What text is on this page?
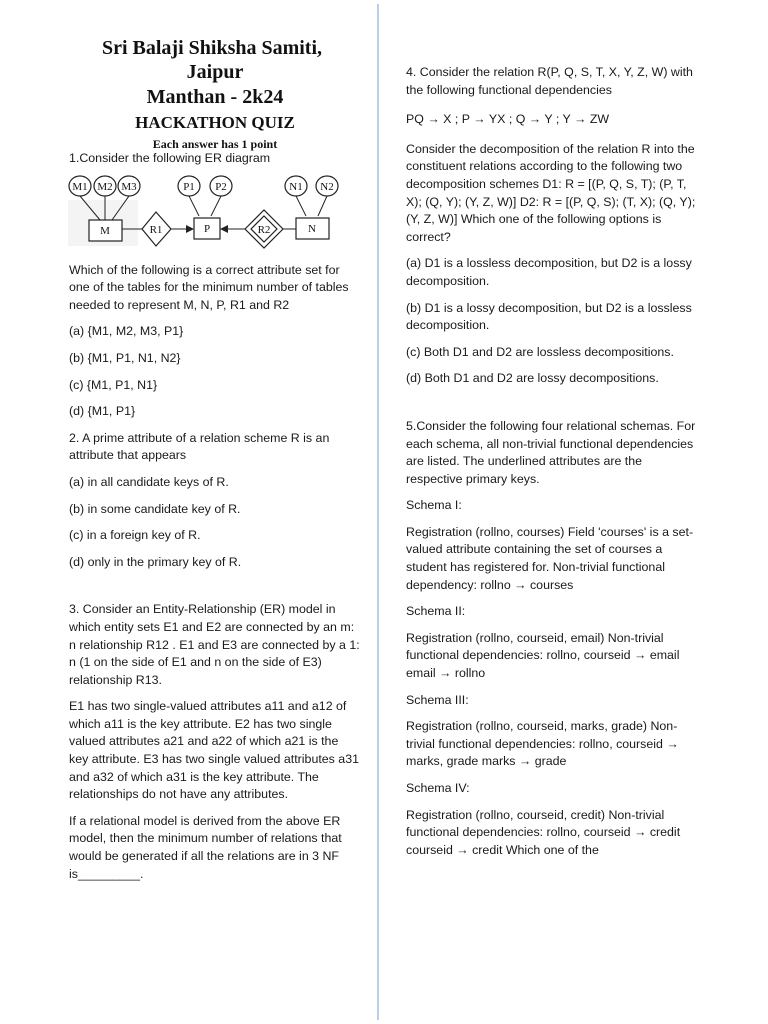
Sri Balaji Shiksha Samiti,
Jaipur
Manthan - 2k24
HACKATHON QUIZ
Each answer has 1 point

1.Consider the following ER diagram

M1 M2 M3	P1 P2	N1 N2
M	P	N
R1	R2

Which of the following is a correct attribute set for one of the tables for the minimum number of tables needed to represent M, N, P, R1 and R2

(a) {M1, M2, M3, P1}

(b) {M1, P1, N1, N2}

(c) {M1, P1, N1}

(d) {M1, P1}

2. A prime attribute of a relation scheme R is an attribute that appears

(a) in all candidate keys of R.

(b) in some candidate key of R.

(c) in a foreign key of R.

(d) only in the primary key of R.

3. Consider an Entity-Relationship (ER) model in which entity sets E1 and E2 are connected by an m: n relationship R12 . E1 and E3 are connected by a 1: n (1 on the side of E1 and n on the side of E3) relationship R13.

E1 has two single-valued attributes a11 and a12 of which a11 is the key attribute. E2 has two single valued attributes a21 and a22 of which a21 is the key attribute. E3 has two single valued attributes a31 and a32 of which a31 is the key attribute. The relationships do not have any attributes.

If a relational model is derived from the above ER model, then the minimum number of relations that would be generated if all the relations are in 3 NF is_________.

4. Consider the relation R(P, Q, S, T, X, Y, Z, W) with the following functional dependencies

PQ → X ; P → YX ; Q → Y ; Y → ZW

Consider the decomposition of the relation R into the constituent relations according to the following two decomposition schemes D1: R = [(P, Q, S, T); (P, T, X); (Q, Y); (Y, Z, W)] D2: R = [(P, Q, S); (T, X); (Q, Y); (Y, Z, W)] Which one of the following options is correct?

(a) D1 is a lossless decomposition, but D2 is a lossy decomposition.

(b) D1 is a lossy decomposition, but D2 is a lossless decomposition.

(c) Both D1 and D2 are lossless decompositions.

(d) Both D1 and D2 are lossy decompositions.

5.Consider the following four relational schemas. For each schema, all non-trivial functional dependencies are listed. The underlined attributes are the respective primary keys.

Schema I:

Registration (rollno, courses) Field 'courses' is a set-valued attribute containing the set of courses a student has registered for. Non-trivial functional dependency: rollno → courses

Schema II:

Registration (rollno, courseid, email) Non-trivial functional dependencies: rollno, courseid → email email → rollno

Schema III:

Registration (rollno, courseid, marks, grade) Non-trivial functional dependencies: rollno, courseid → marks, grade marks → grade

Schema IV:

Registration (rollno, courseid, credit) Non-trivial functional dependencies: rollno, courseid → credit courseid → credit Which one of the
